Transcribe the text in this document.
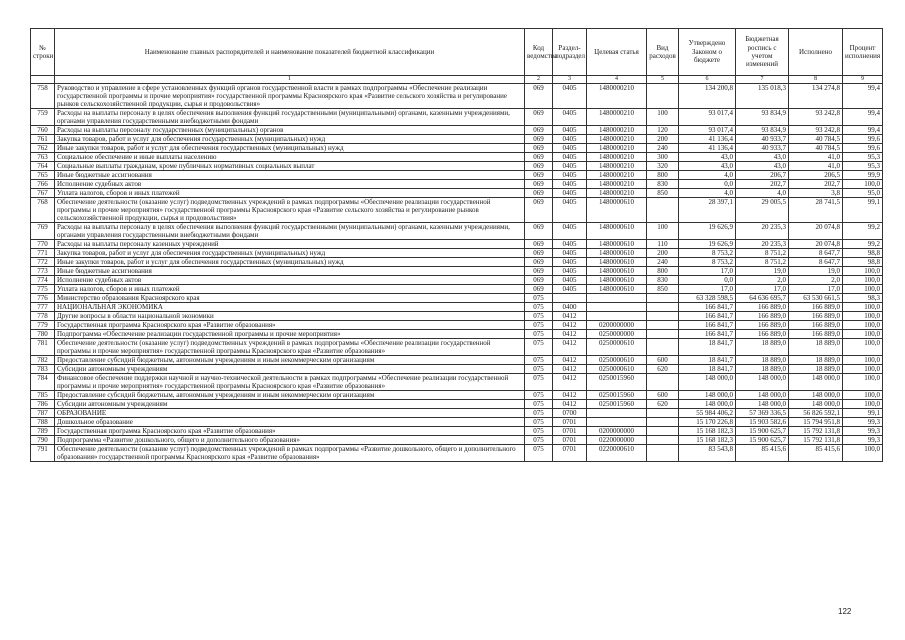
№ строки	Наименование главных распорядителей и наименование показателей бюджетной классификации	Код ведомства	Раздел-подраздел	Целевая статья	Вид расходов	Утверждено Законом о бюджете	Бюджетная роспись с учетом изменений	Исполнено	Процент исполнения
	1	2	3	4	5	6	7	8	9
758	Руководство и управление в сфере установленных функций органов государственной власти в рамках подпрограммы «Обеспечение реализации государственной программы и прочие мероприятия» государственной программы Красноярского края «Развитие сельского хозяйства и регулирование рынков сельскохозяйственной продукции, сырья и продовольствия»	069	0405	1480000210		134 200,8	135 018,3	134 274,8	99,4
759	Расходы на выплаты персоналу в целях обеспечения выполнения функций государственными (муниципальными) органами, казенными учреждениями, органами управления государственными внебюджетными фондами	069	0405	1480000210	100	93 017,4	93 834,9	93 242,8	99,4
760	Расходы на выплаты персоналу государственных (муниципальных) органов	069	0405	1480000210	120	93 017,4	93 834,9	93 242,8	99,4
761	Закупка товаров, работ и услуг для обеспечения государственных (муниципальных) нужд	069	0405	1480000210	200	41 136,4	40 933,7	40 784,5	99,6
762	Иные закупки товаров, работ и услуг для обеспечения государственных (муниципальных) нужд	069	0405	1480000210	240	41 136,4	40 933,7	40 784,5	99,6
763	Социальное обеспечение и иные выплаты населению	069	0405	1480000210	300	43,0	43,0	41,0	95,3
764	Социальные выплаты гражданам, кроме публичных нормативных социальных выплат	069	0405	1480000210	320	43,0	43,0	41,0	95,3
765	Иные бюджетные ассигнования	069	0405	1480000210	800	4,0	206,7	206,5	99,9
766	Исполнение судебных актов	069	0405	1480000210	830	0,0	202,7	202,7	100,0
767	Уплата налогов, сборов и иных платежей	069	0405	1480000210	850	4,0	4,0	3,8	95,0
768	Обеспечение деятельности (оказание услуг) подведомственных учреждений в рамках подпрограммы «Обеспечение реализации государственной программы и прочие мероприятия» государственной программы Красноярского края «Развитие сельского хозяйства и регулирование рынков сельскохозяйственной продукции, сырья и продовольствия»	069	0405	1480000610		28 397,1	29 005,5	28 741,5	99,1
769	Расходы на выплаты персоналу в целях обеспечения выполнения функций государственными (муниципальными) органами, казенными учреждениями, органами управления государственными внебюджетными фондами	069	0405	1480000610	100	19 626,9	20 235,3	20 074,8	99,2
770	Расходы на выплаты персоналу казенных учреждений	069	0405	1480000610	110	19 626,9	20 235,3	20 074,8	99,2
771	Закупка товаров, работ и услуг для обеспечения государственных (муниципальных) нужд	069	0405	1480000610	200	8 753,2	8 751,2	8 647,7	98,8
772	Иные закупки товаров, работ и услуг для обеспечения государственных (муниципальных) нужд	069	0405	1480000610	240	8 753,2	8 751,2	8 647,7	98,8
773	Иные бюджетные ассигнования	069	0405	1480000610	800	17,0	19,0	19,0	100,0
774	Исполнение судебных актов	069	0405	1480000610	830	0,0	2,0	2,0	100,0
775	Уплата налогов, сборов и иных платежей	069	0405	1480000610	850	17,0	17,0	17,0	100,0
776	Министерство образования Красноярского края	075				63 328 598,5	64 636 695,7	63 530 661,5	98,3
777	НАЦИОНАЛЬНАЯ ЭКОНОМИКА	075	0400			166 841,7	166 889,0	166 889,0	100,0
778	Другие вопросы в области национальной экономики	075	0412			166 841,7	166 889,0	166 889,0	100,0
779	Государственная программа Красноярского края «Развитие образования»	075	0412	0200000000		166 841,7	166 889,0	166 889,0	100,0
780	Подпрограмма «Обеспечение реализации государственной программы и прочие мероприятия»	075	0412	0250000000		166 841,7	166 889,0	166 889,0	100,0
781	Обеспечение деятельности (оказание услуг) подведомственных учреждений в рамках подпрограммы «Обеспечение реализации государственной программы и прочие мероприятия» государственной программы Красноярского края «Развитие образования»	075	0412	0250000610		18 841,7	18 889,0	18 889,0	100,0
782	Предоставление субсидий бюджетным, автономным учреждениям и иным некоммерческим организациям	075	0412	0250000610	600	18 841,7	18 889,0	18 889,0	100,0
783	Субсидии автономным учреждениям	075	0412	0250000610	620	18 841,7	18 889,0	18 889,0	100,0
784	Финансовое обеспечение поддержки научной и научно-технической деятельности в рамках подпрограммы «Обеспечение реализации государственной программы и прочие мероприятия» государственной программы Красноярского края «Развитие образования»	075	0412	0250015960		148 000,0	148 000,0	148 000,0	100,0
785	Предоставление субсидий бюджетным, автономным учреждениям и иным некоммерческим организациям	075	0412	0250015960	600	148 000,0	148 000,0	148 000,0	100,0
786	Субсидии автономным учреждениям	075	0412	0250015960	620	148 000,0	148 000,0	148 000,0	100,0
787	ОБРАЗОВАНИЕ	075	0700			55 984 406,2	57 369 336,5	56 826 592,1	99,1
788	Дошкольное образование	075	0701			15 170 226,8	15 903 582,6	15 794 951,8	99,3
789	Государственная программа Красноярского края «Развитие образования»	075	0701	0200000000		15 168 182,3	15 900 625,7	15 792 131,8	99,3
790	Подпрограмма «Развитие дошкольного, общего и дополнительного образования»	075	0701	0220000000		15 168 182,3	15 900 625,7	15 792 131,8	99,3
791	Обеспечение деятельности (оказание услуг) подведомственных учреждений в рамках подпрограммы «Развитие дошкольного, общего и дополнительного образования» государственной программы Красноярского края «Развитие образования»	075	0701	0220000610		83 543,8	85 415,6	85 415,6	100,0
122
